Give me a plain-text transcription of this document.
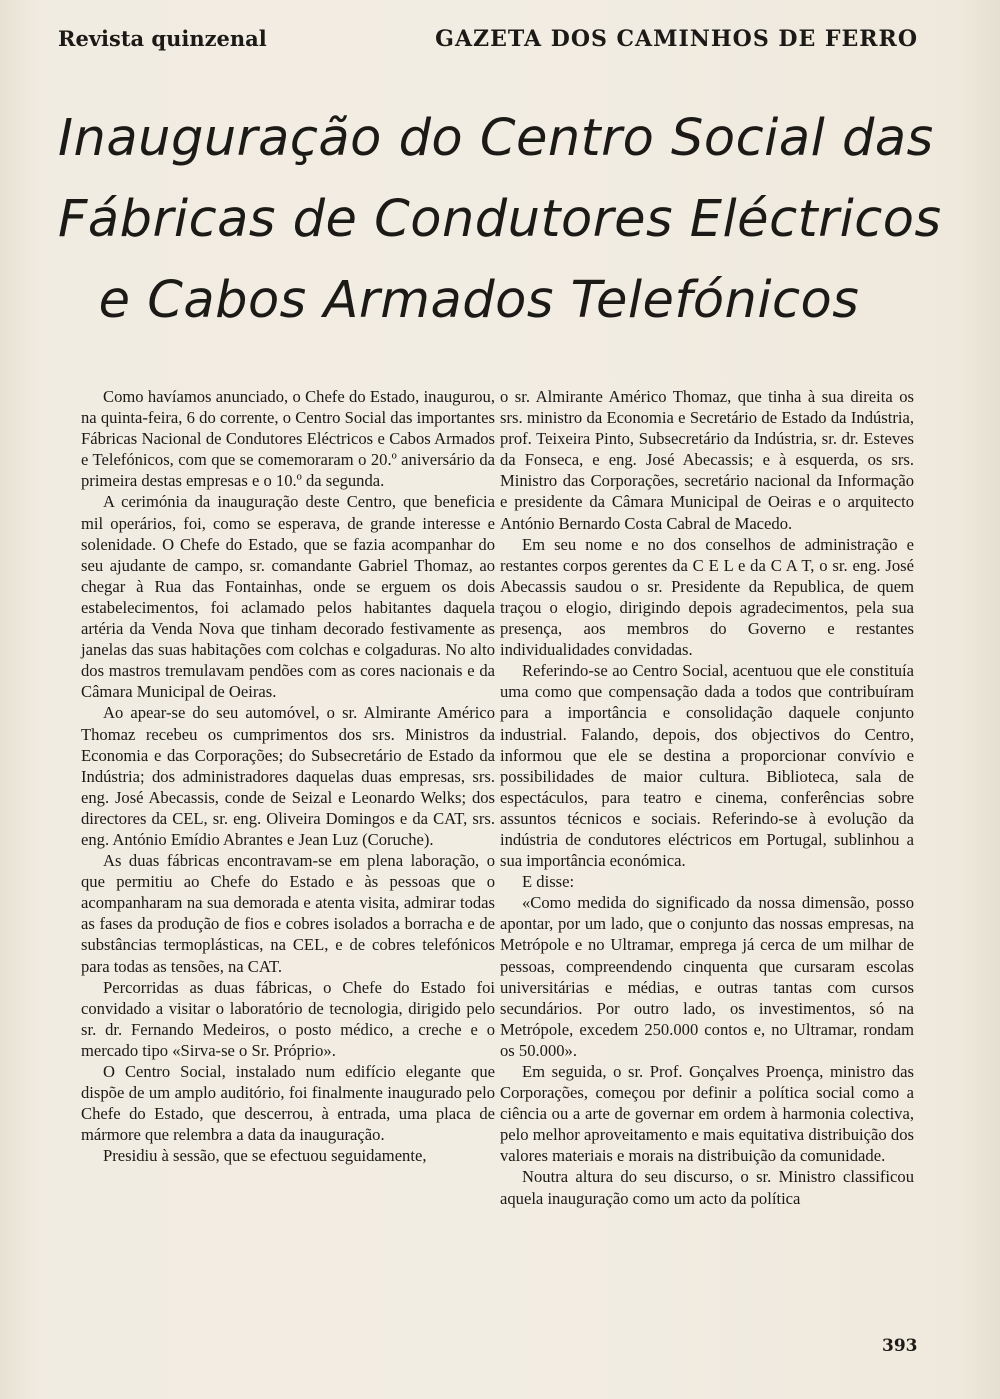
Revista quinzenal	GAZETA DOS CAMINHOS DE FERRO
Inauguração do Centro Social das
Fábricas de Condutores Eléctricos
e Cabos Armados Telefónicos

Como havíamos anunciado, o Chefe do Estado, inaugurou, na quinta-feira, 6 do corrente, o Centro Social das importantes Fábricas Nacional de Condutores Eléctricos e Cabos Armados e Telefónicos, com que se comemoraram o 20.º aniversário da primeira destas empresas e o 10.º da segunda.

A cerimónia da inauguração deste Centro, que beneficia mil operários, foi, como se esperava, de grande interesse e solenidade. O Chefe do Estado, que se fazia acompanhar do seu ajudante de campo, sr. comandante Gabriel Thomaz, ao chegar à Rua das Fontainhas, onde se erguem os dois estabelecimentos, foi aclamado pelos habitantes daquela artéria da Venda Nova que tinham decorado festivamente as janelas das suas habitações com colchas e colgaduras. No alto dos mastros tremulavam pendões com as cores nacionais e da Câmara Municipal de Oeiras.

Ao apear-se do seu automóvel, o sr. Almirante Américo Thomaz recebeu os cumprimentos dos srs. Ministros da Economia e das Corporações; do Subsecretário de Estado da Indústria; dos administradores daquelas duas empresas, srs. eng. José Abecassis, conde de Seizal e Leonardo Welks; dos directores da CEL, sr. eng. Oliveira Domingos e da CAT, srs. eng. António Emídio Abrantes e Jean Luz (Coruche).

As duas fábricas encontravam-se em plena laboração, o que permitiu ao Chefe do Estado e às pessoas que o acompanharam na sua demorada e atenta visita, admirar todas as fases da produção de fios e cobres isolados a borracha e de substâncias termoplásticas, na CEL, e de cobres telefónicos para todas as tensões, na CAT.

Percorridas as duas fábricas, o Chefe do Estado foi convidado a visitar o laboratório de tecnologia, dirigido pelo sr. dr. Fernando Medeiros, o posto médico, a creche e o mercado tipo «Sirva-se o Sr. Próprio».

O Centro Social, instalado num edifício elegante que dispõe de um amplo auditório, foi finalmente inaugurado pelo Chefe do Estado, que descerrou, à entrada, uma placa de mármore que relembra a data da inauguração.

Presidiu à sessão, que se efectuou seguidamente,

o sr. Almirante Américo Thomaz, que tinha à sua direita os srs. ministro da Economia e Secretário de Estado da Indústria, prof. Teixeira Pinto, Subsecretário da Indústria, sr. dr. Esteves da Fonseca, e eng. José Abecassis; e à esquerda, os srs. Ministro das Corporações, secretário nacional da Informação e presidente da Câmara Municipal de Oeiras e o arquitecto António Bernardo Costa Cabral de Macedo.

Em seu nome e no dos conselhos de administração e restantes corpos gerentes da C E L e da C A T, o sr. eng. José Abecassis saudou o sr. Presidente da Republica, de quem traçou o elogio, dirigindo depois agradecimentos, pela sua presença, aos membros do Governo e restantes individualidades convidadas.

Referindo-se ao Centro Social, acentuou que ele constituía uma como que compensação dada a todos que contribuíram para a importância e consolidação daquele conjunto industrial. Falando, depois, dos objectivos do Centro, informou que ele se destina a proporcionar convívio e possibilidades de maior cultura. Biblioteca, sala de espectáculos, para teatro e cinema, conferências sobre assuntos técnicos e sociais. Referindo-se à evolução da indústria de condutores eléctricos em Portugal, sublinhou a sua importância económica.

E disse:

«Como medida do significado da nossa dimensão, posso apontar, por um lado, que o conjunto das nossas empresas, na Metrópole e no Ultramar, emprega já cerca de um milhar de pessoas, compreendendo cinquenta que cursaram escolas universitárias e médias, e outras tantas com cursos secundários. Por outro lado, os investimentos, só na Metrópole, excedem 250.000 contos e, no Ultramar, rondam os 50.000».

Em seguida, o sr. Prof. Gonçalves Proença, ministro das Corporações, começou por definir a política social como a ciência ou a arte de governar em ordem à harmonia colectiva, pelo melhor aproveitamento e mais equitativa distribuição dos valores materiais e morais na distribuição da comunidade.

Noutra altura do seu discurso, o sr. Ministro classificou aquela inauguração como um acto da política

393
